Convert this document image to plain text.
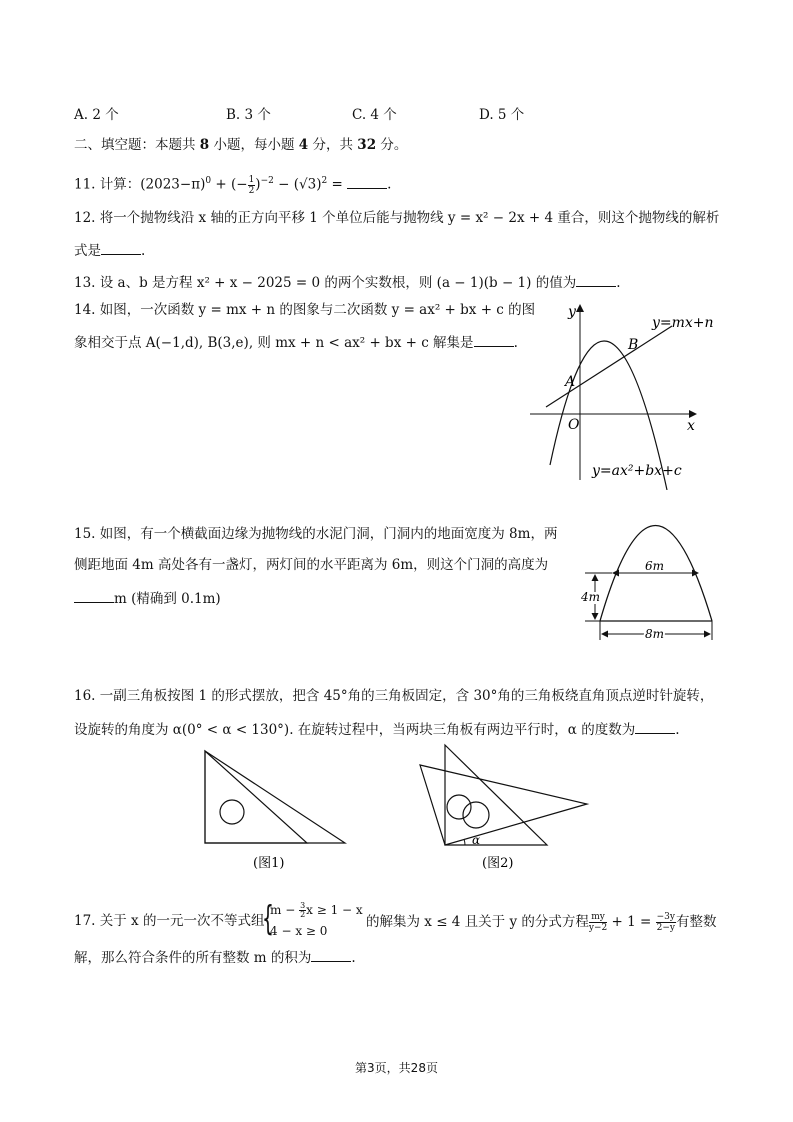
A. 2 个	B. 3 个	C. 4 个	D. 5 个
二、填空题：本题共 8 小题，每小题 4 分，共 32 分。
11. 计算：$(2023-\pi)^0$ + (− $\frac{1}{2} )^{-2} - (√3)^2$ =	.
12. 将一个抛物线沿 x 轴的正方向平移 1 个单位后能与抛物线 y = x² − 2x + 4 重合，则这个抛物线的解析
式是	.
13. 设 a、b 是方程 x² + x − 2025 = 0 的两个实数根，则 (a − 1)(b − 1) 的值为	.
14. 如图，一次函数 y = mx + n 的图象与二次函数 y = ax² + bx + c 的图
象相交于点 A(−1,d), B(3,e), 则 mx + n < ax² + bx + c 解集是	.
y
x
O
A
B
y=mx+n
y=ax²+bx+c
15. 如图，有一个横截面边缘为抛物线的水泥门洞，门洞内的地面宽度为 8m，两
侧距地面 4m 高处各有一盏灯，两灯间的水平距离为 6m，则这个门洞的高度为
m (精确到 0.1m)
6m
4m
8m
16. 一副三角板按图 1 的形式摆放，把含 45°角的三角板固定，含 30°角的三角板绕直角顶点逆时针旋转，
设旋转的角度为 α(0° < α < 130°). 在旋转过程中，当两块三角板有两边平行时，α 的度数为	.
(图1)
α
(图2)
17. 关于 x 的一元一次不等式组
{
$m - \frac{3}{2}$ x ≥ 1 − x
4 − x ≥ 0
的解集为 x ≤ 4 且关于 y 的分式方程 $\frac{my}{y-2} + 1 = \frac{-3y}{2-y}$ 有整数
解，那么符合条件的所有整数 m 的积为	.
第3页，共28页
